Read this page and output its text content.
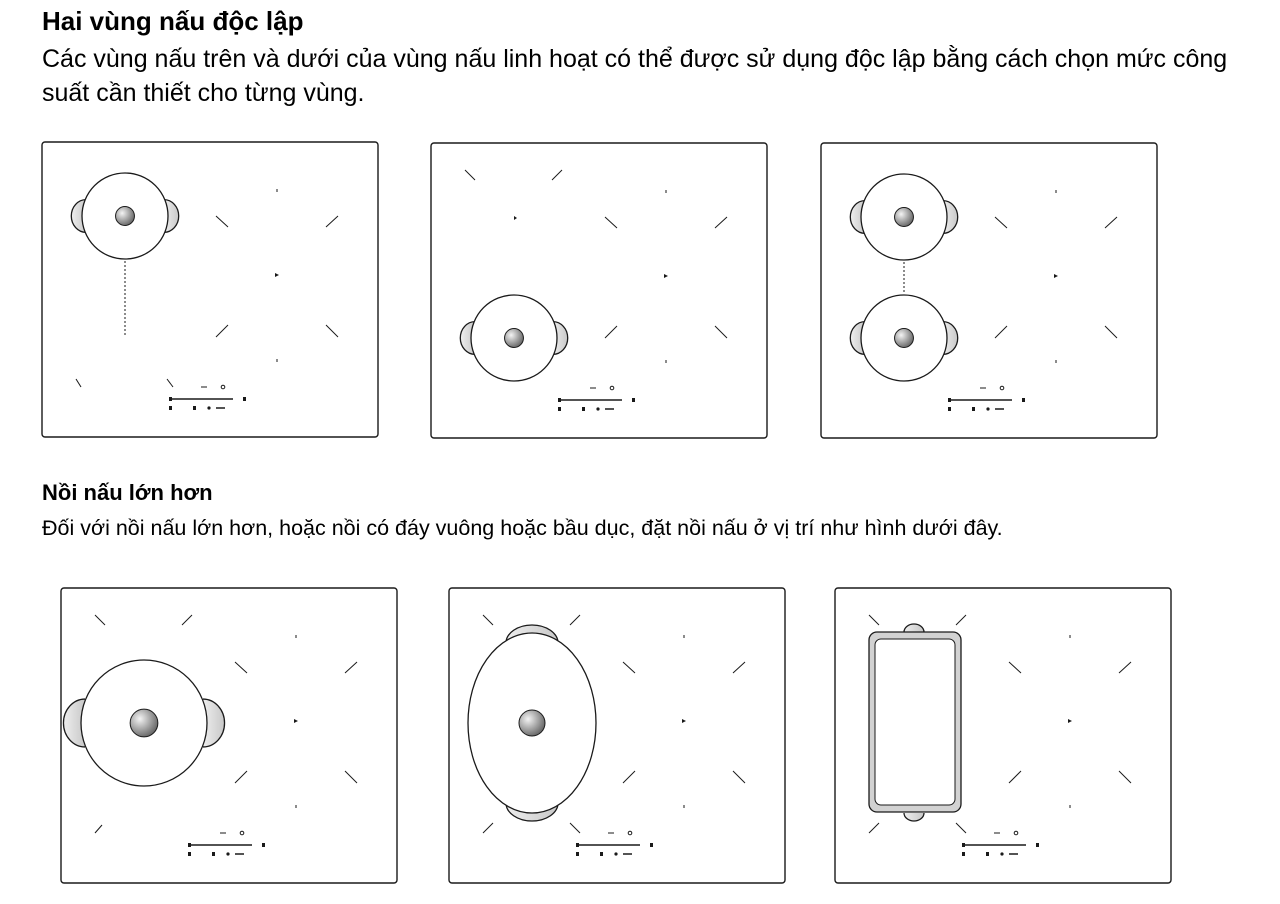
Hai vùng nấu độc lập

Các vùng nấu trên và dưới của vùng nấu linh hoạt có thể được sử dụng độc lập bằng cách chọn mức công suất cần thiết cho từng vùng.

Nồi nấu lớn hơn

Đối với nồi nấu lớn hơn, hoặc nồi có đáy vuông hoặc bầu dục, đặt nồi nấu ở vị trí như hình dưới đây.
